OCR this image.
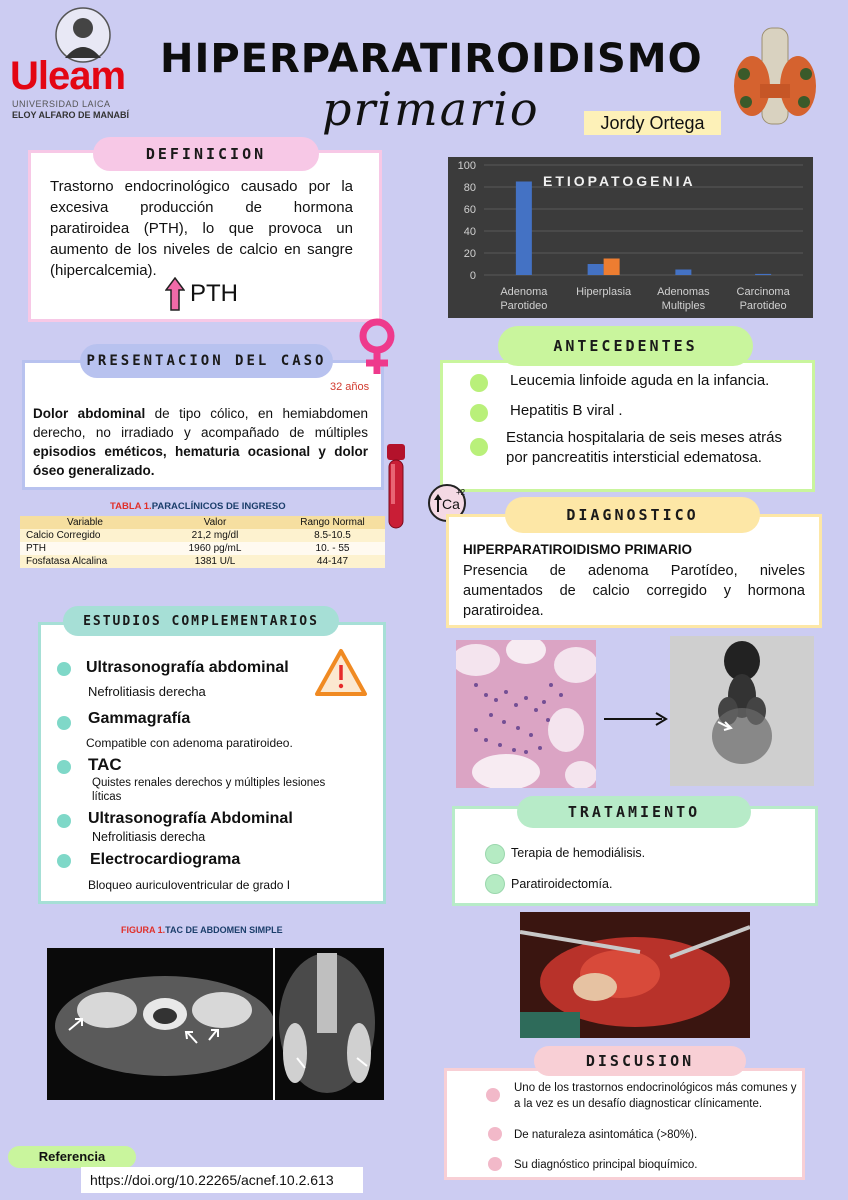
Uleam
UNIVERSIDAD LAICA
ELOY ALFARO DE MANABÍ
HIPERPARATIROIDISMO
primario	Jordy Ortega
DEFINICION
Trastorno endocrinológico causado por la excesiva producción de hormona paratiroidea (PTH), lo que provoca un aumento de los niveles de calcio en sangre (hipercalcemia).
PTH
0
20
40
60
80
100
ETIOPATOGENIA
Adenoma
Parotideo
Hiperplasia Adenomas
Multiples
Carcinoma
Parotideo
PRESENTACION DEL CASO
32 años
Dolor abdominal de tipo cólico, en hemiabdomen derecho, no irradiado y acompañado de múltiples episodios eméticos, hematuria ocasional y dolor óseo generalizado.
ANTECEDENTES
Leucemia linfoide aguda en la infancia.
Hepatitis B viral .
Estancia hospitalaria de seis meses atrás por pancreatitis intersticial edematosa.
Ca
+2
TABLA 1.PARACLÍNICOS DE INGRESO
Variable	Valor	Rango Normal
Calcio Corregido	21,2 mg/dl	8.5-10.5
PTH	1960 pg/mL	10. - 55
Fosfatasa Alcalina	1381 U/L	44-147
DIAGNOSTICO
HIPERPARATIROIDISMO PRIMARIO
Presencia de adenoma Parotídeo, niveles aumentados de calcio corregido y hormona paratiroidea.
ESTUDIOS COMPLEMENTARIOS
Ultrasonografía abdominal
Nefrolitiasis derecha
Gammagrafía
Compatible con adenoma paratiroideo.
TAC
Quistes renales derechos y múltiples lesiones líticas
Ultrasonografía Abdominal
Nefrolitiasis derecha
Electrocardiograma
Bloqueo auriculoventricular de grado I
TRATAMIENTO
Terapia de hemodiálisis.
Paratiroidectomía.
FIGURA 1.TAC DE ABDOMEN SIMPLE
DISCUSION
Uno de los trastornos endocrinológicos más comunes y a la vez es un desafío diagnosticar clínicamente.
De naturaleza asintomática (>80%).
Su diagnóstico principal bioquímico.
Referencia
https://doi.org/10.22265/acnef.10.2.613
